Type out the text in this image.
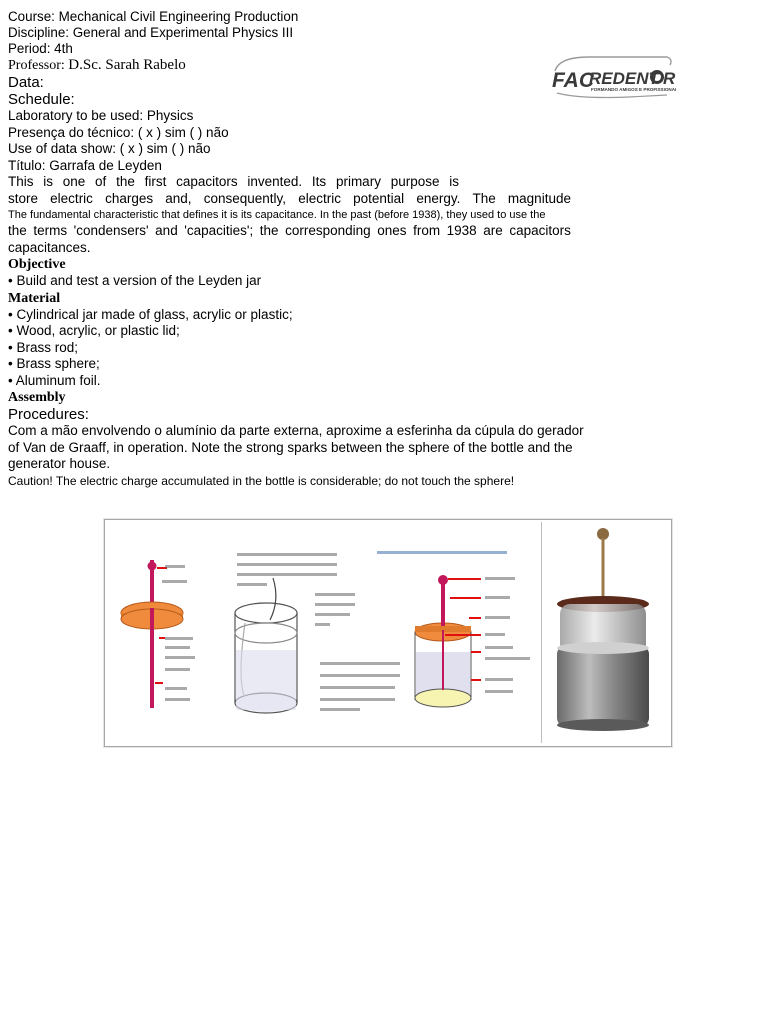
FAC
REDENT R
FORMANDO AMIGOS E PROFISSIONAIS
Course: Mechanical Civil Engineering Production
Discipline: General and Experimental Physics III
Period: 4th
Professor: D.Sc. Sarah Rabelo
Data:
Schedule:
Laboratory to be used: Physics
Presença do técnico: ( x ) sim ( ) não
Use of data show: ( x ) sim ( ) não
Título: Garrafa de Leyden
This is one of the first capacitors invented. Its primary purpose is
store electric charges and, consequently, electric potential energy. The magnitude
The fundamental characteristic that defines it is its capacitance. In the past (before 1938), they used to use the
the terms 'condensers' and 'capacities'; the corresponding ones from 1938 are capacitors
capacitances.
Objective
• Build and test a version of the Leyden jar
Material
• Cylindrical jar made of glass, acrylic or plastic;
• Wood, acrylic, or plastic lid;
• Brass rod;
• Brass sphere;
• Aluminum foil.
Assembly
Procedures:
Com a mão envolvendo o alumínio da parte externa, aproxime a esferinha da cúpula do gerador
of Van de Graaff, in operation. Note the strong sparks between the sphere of the bottle and the
generator house.
Caution! The electric charge accumulated in the bottle is considerable; do not touch the sphere!
